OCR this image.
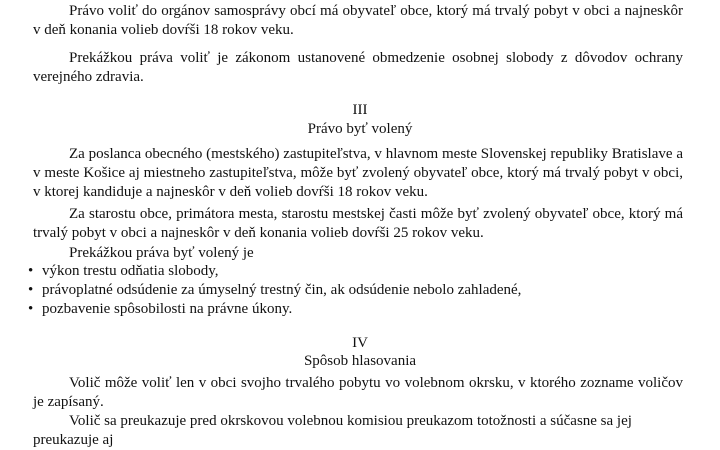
Právo voliť do orgánov samosprávy obcí má obyvateľ obce, ktorý má trvalý pobyt v obci a najneskôr v deň konania volieb dovŕši 18 rokov veku.

Prekážkou práva voliť je zákonom ustanovené obmedzenie osobnej slobody z dôvodov ochrany verejného zdravia.

III

Právo byť volený

Za poslanca obecného (mestského) zastupiteľstva, v hlavnom meste Slovenskej republiky Bratislave a v meste Košice aj miestneho zastupiteľstva, môže byť zvolený obyvateľ obce, ktorý má trvalý pobyt v obci, v ktorej kandiduje a najneskôr v deň volieb dovŕši 18 rokov veku.

Za starostu obce, primátora mesta, starostu mestskej časti môže byť zvolený obyvateľ obce, ktorý má trvalý pobyt v obci a najneskôr v deň konania volieb dovŕši 25 rokov veku.

Prekážkou práva byť volený je

• výkon trestu odňatia slobody,
• právoplatné odsúdenie za úmyselný trestný čin, ak odsúdenie nebolo zahladené,
• pozbavenie spôsobilosti na právne úkony.

IV

Spôsob hlasovania

Volič môže voliť len v obci svojho trvalého pobytu vo volebnom okrsku, v ktorého zozname voličov je zapísaný.

Volič sa preukazuje pred okrskovou volebnou komisiou preukazom totožnosti a súčasne sa jej preukazuje aj
